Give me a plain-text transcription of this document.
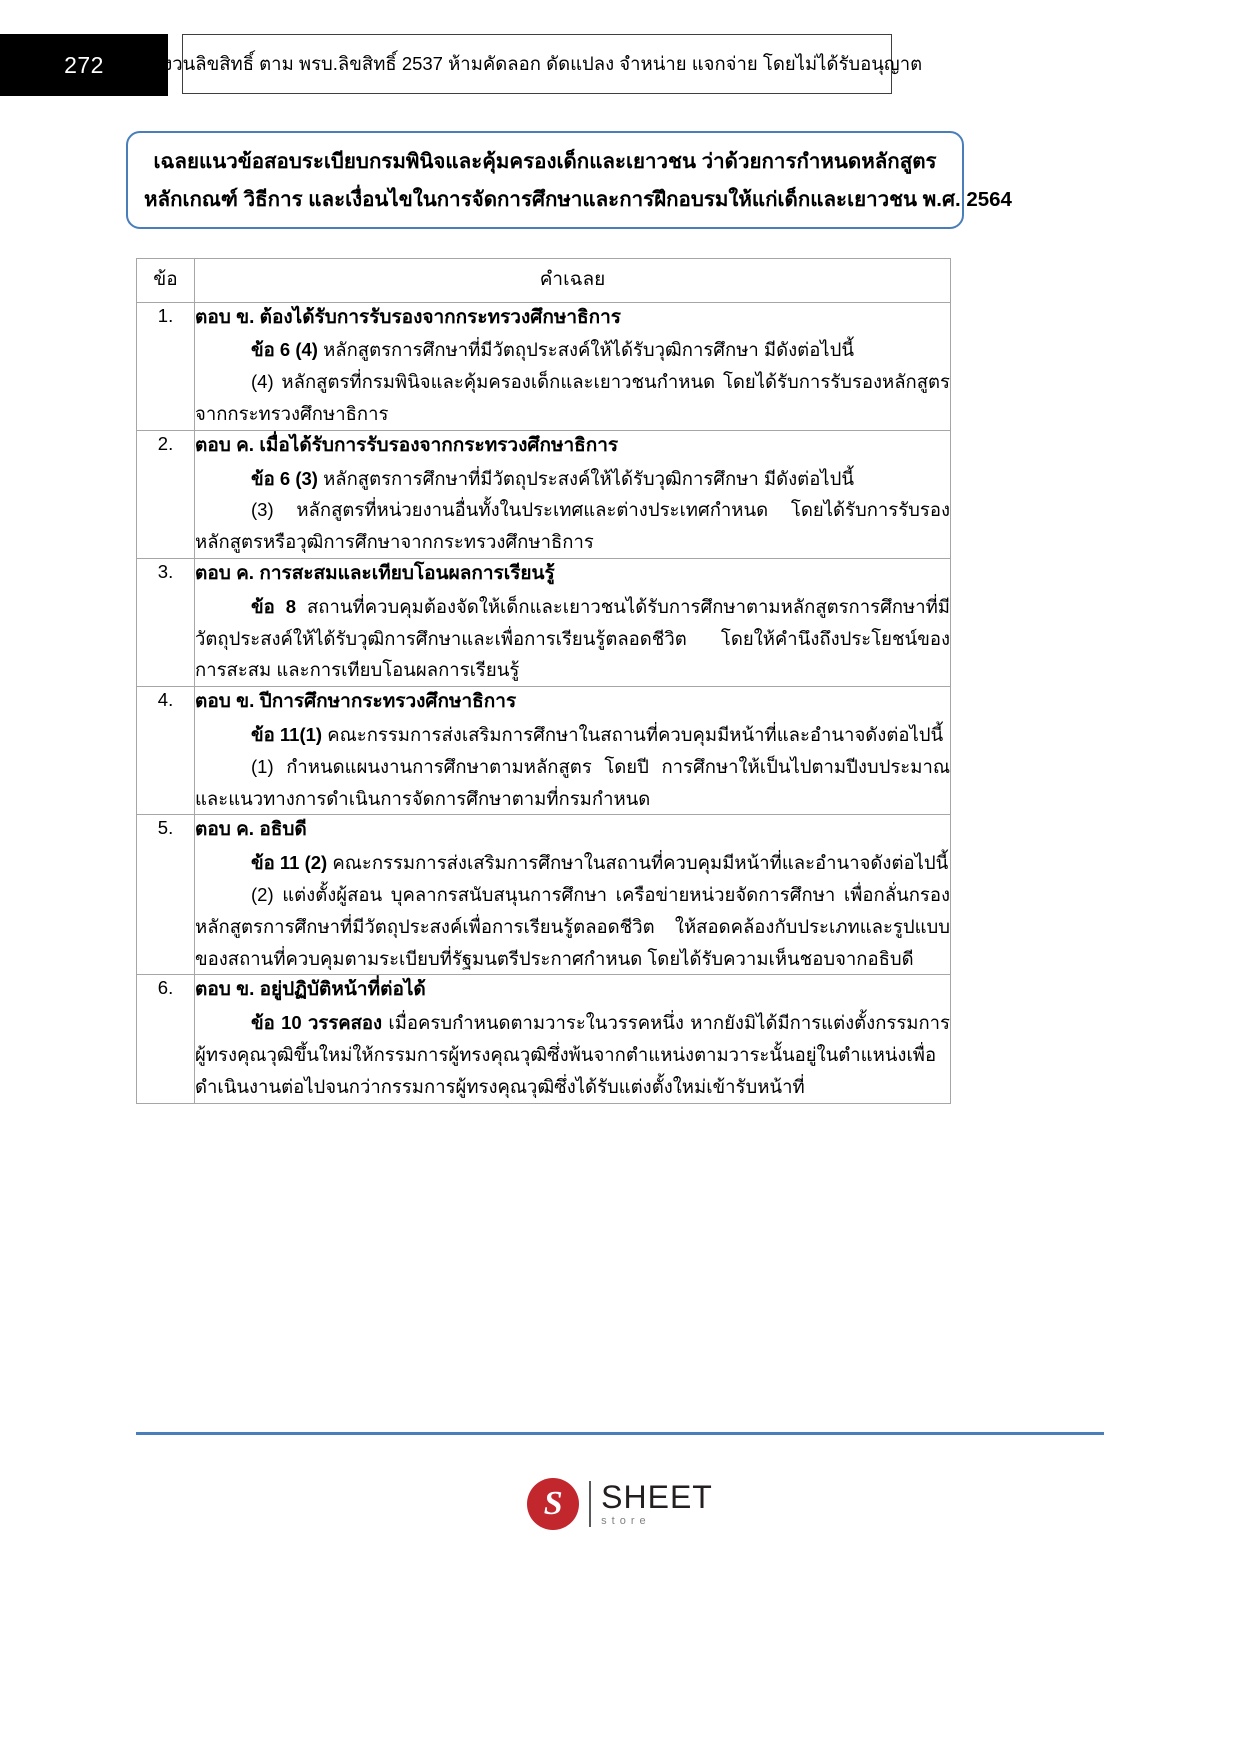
272	สงวนลิขสิทธิ์ ตาม พรบ.ลิขสิทธิ์ 2537 ห้ามคัดลอก ดัดแปลง จำหน่าย แจกจ่าย โดยไม่ได้รับอนุญาต
เฉลยแนวข้อสอบระเบียบกรมพินิจและคุ้มครองเด็กและเยาวชน ว่าด้วยการกำหนดหลักสูตร
หลักเกณฑ์ วิธีการ และเงื่อนไขในการจัดการศึกษาและการฝึกอบรมให้แก่เด็กและเยาวชน พ.ศ. 2564
ข้อ	คำเฉลย
1.	ตอบ ข. ต้องได้รับการรับรองจากกระทรวงศึกษาธิการ

ข้อ 6 (4) หลักสูตรการศึกษาที่มีวัตถุประสงค์ให้ได้รับวุฒิการศึกษา มีดังต่อไปนี้

(4) หลักสูตรที่กรมพินิจและคุ้มครองเด็กและเยาวชนกำหนด โดยได้รับการรับรองหลักสูตรจากกระทรวงศึกษาธิการ

2.	ตอบ ค. เมื่อได้รับการรับรองจากกระทรวงศึกษาธิการ

ข้อ 6 (3) หลักสูตรการศึกษาที่มีวัตถุประสงค์ให้ได้รับวุฒิการศึกษา มีดังต่อไปนี้

(3) หลักสูตรที่หน่วยงานอื่นทั้งในประเทศและต่างประเทศกำหนด โดยได้รับการรับรองหลักสูตรหรือวุฒิการศึกษาจากกระทรวงศึกษาธิการ

3.	ตอบ ค. การสะสมและเทียบโอนผลการเรียนรู้

ข้อ 8 สถานที่ควบคุมต้องจัดให้เด็กและเยาวชนได้รับการศึกษาตามหลักสูตรการศึกษาที่มีวัตถุประสงค์ให้ได้รับวุฒิการศึกษาและเพื่อการเรียนรู้ตลอดชีวิต โดยให้คำนึงถึงประโยชน์ของการสะสม และการเทียบโอนผลการเรียนรู้

4.	ตอบ ข. ปีการศึกษากระทรวงศึกษาธิการ

ข้อ 11(1) คณะกรรมการส่งเสริมการศึกษาในสถานที่ควบคุมมีหน้าที่และอำนาจดังต่อไปนี้

(1) กำหนดแผนงานการศึกษาตามหลักสูตร โดยปี การศึกษาให้เป็นไปตามปีงบประมาณและแนวทางการดำเนินการจัดการศึกษาตามที่กรมกำหนด

5.	ตอบ ค. อธิบดี

ข้อ 11 (2) คณะกรรมการส่งเสริมการศึกษาในสถานที่ควบคุมมีหน้าที่และอำนาจดังต่อไปนี้

(2) แต่งตั้งผู้สอน บุคลากรสนับสนุนการศึกษา เครือข่ายหน่วยจัดการศึกษา เพื่อกลั่นกรองหลักสูตรการศึกษาที่มีวัตถุประสงค์เพื่อการเรียนรู้ตลอดชีวิต ให้สอดคล้องกับประเภทและรูปแบบของสถานที่ควบคุมตามระเบียบที่รัฐมนตรีประกาศกำหนด โดยได้รับความเห็นชอบจากอธิบดี

6.	ตอบ ข. อยู่ปฏิบัติหน้าที่ต่อได้

ข้อ 10 วรรคสอง เมื่อครบกำหนดตามวาระในวรรคหนึ่ง หากยังมิได้มีการแต่งตั้งกรรมการผู้ทรงคุณวุฒิขึ้นใหม่ให้กรรมการผู้ทรงคุณวุฒิซึ่งพ้นจากตำแหน่งตามวาระนั้นอยู่ในตำแหน่งเพื่อดำเนินงานต่อไปจนกว่ากรรมการผู้ทรงคุณวุฒิซึ่งได้รับแต่งตั้งใหม่เข้ารับหน้าที่

S SHEET
store
